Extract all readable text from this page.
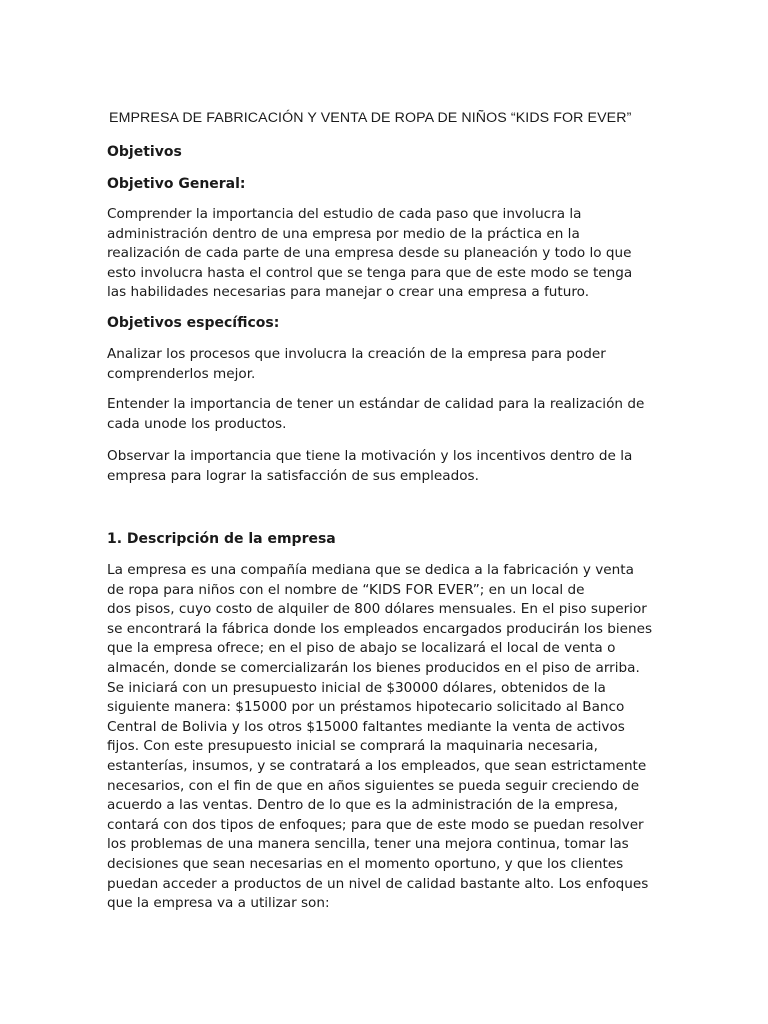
EMPRESA DE FABRICACIÓN Y VENTA DE ROPA DE NIÑOS “KIDS FOR EVER”

Objetivos

Objetivo General:

Comprender la importancia del estudio de cada paso que involucra la
administración dentro de una empresa por medio de la práctica en la
realización de cada parte de una empresa desde su planeación y todo lo que
esto involucra hasta el control que se tenga para que de este modo se tenga
las habilidades necesarias para manejar o crear una empresa a futuro.

Objetivos específicos:

Analizar los procesos que involucra la creación de la empresa para poder
comprenderlos mejor.

Entender la importancia de tener un estándar de calidad para la realización de
cada unode los productos.

Observar la importancia que tiene la motivación y los incentivos dentro de la
empresa para lograr la satisfacción de sus empleados.

1. Descripción de la empresa

La empresa es una compañía mediana que se dedica a la fabricación y venta
de ropa para niños con el nombre de “KIDS FOR EVER”; en un local de
dos pisos, cuyo costo de alquiler de 800 dólares mensuales. En el piso superior
se encontrará la fábrica donde los empleados encargados producirán los bienes
que la empresa ofrece; en el piso de abajo se localizará el local de venta o
almacén, donde se comercializarán los bienes producidos en el piso de arriba.
Se iniciará con un presupuesto inicial de $30000 dólares, obtenidos de la
siguiente manera: $15000 por un préstamos hipotecario solicitado al Banco
Central de Bolivia y los otros $15000 faltantes mediante la venta de activos
fijos. Con este presupuesto inicial se comprará la maquinaria necesaria,
estanterías, insumos, y se contratará a los empleados, que sean estrictamente
necesarios, con el fin de que en años siguientes se pueda seguir creciendo de
acuerdo a las ventas. Dentro de lo que es la administración de la empresa,
contará con dos tipos de enfoques; para que de este modo se puedan resolver
los problemas de una manera sencilla, tener una mejora continua, tomar las
decisiones que sean necesarias en el momento oportuno, y que los clientes
puedan acceder a productos de un nivel de calidad bastante alto. Los enfoques
que la empresa va a utilizar son:
